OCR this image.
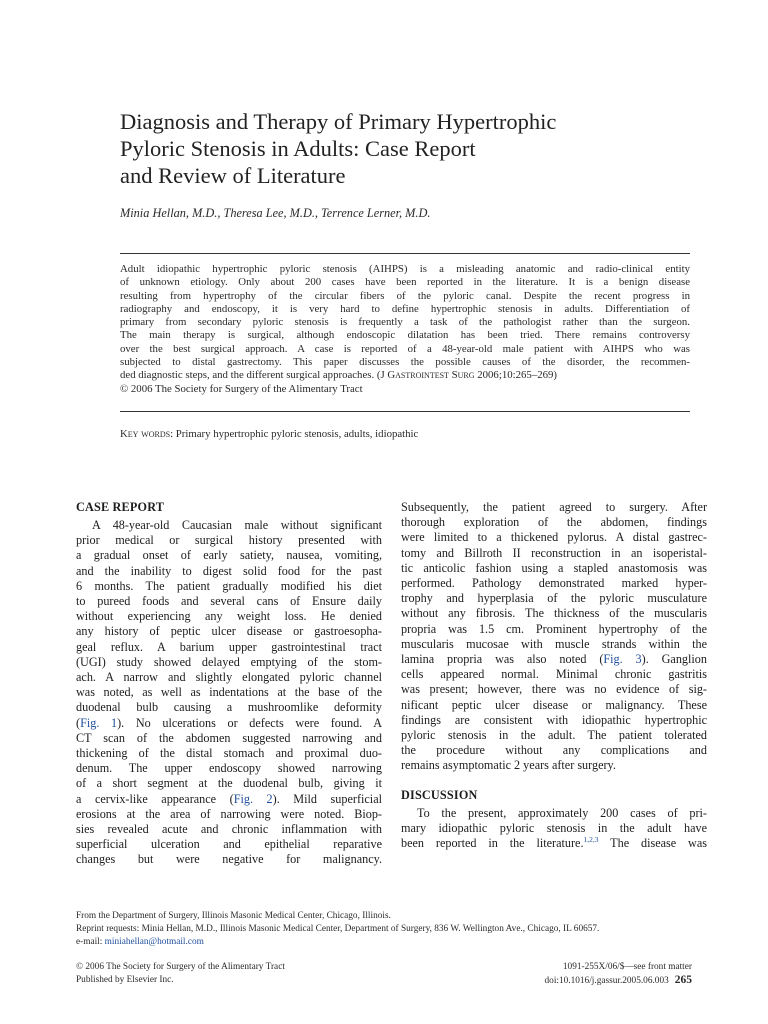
Diagnosis and Therapy of Primary Hypertrophic
Pyloric Stenosis in Adults: Case Report
and Review of Literature
Minia Hellan, M.D., Theresa Lee, M.D., Terrence Lerner, M.D.
Adult idiopathic hypertrophic pyloric stenosis (AIHPS) is a misleading anatomic and radio-clinical entity
of unknown etiology. Only about 200 cases have been reported in the literature. It is a benign disease
resulting from hypertrophy of the circular fibers of the pyloric canal. Despite the recent progress in
radiography and endoscopy, it is very hard to define hypertrophic stenosis in adults. Differentiation of
primary from secondary pyloric stenosis is frequently a task of the pathologist rather than the surgeon.
The main therapy is surgical, although endoscopic dilatation has been tried. There remains controversy
over the best surgical approach. A case is reported of a 48-year-old male patient with AIHPS who was
subjected to distal gastrectomy. This paper discusses the possible causes of the disorder, the recommen-
ded diagnostic steps, and the different surgical approaches. (J Gastrointest Surg 2006;10:265–269)
© 2006 The Society for Surgery of the Alimentary Tract
Key words: Primary hypertrophic pyloric stenosis, adults, idiopathic
CASE REPORT
A 48-year-old Caucasian male without significant
prior medical or surgical history presented with
a gradual onset of early satiety, nausea, vomiting,
and the inability to digest solid food for the past
6 months. The patient gradually modified his diet
to pureed foods and several cans of Ensure daily
without experiencing any weight loss. He denied
any history of peptic ulcer disease or gastroesopha-
geal reflux. A barium upper gastrointestinal tract
(UGI) study showed delayed emptying of the stom-
ach. A narrow and slightly elongated pyloric channel
was noted, as well as indentations at the base of the
duodenal bulb causing a mushroomlike deformity
(Fig. 1). No ulcerations or defects were found. A
CT scan of the abdomen suggested narrowing and
thickening of the distal stomach and proximal duo-
denum. The upper endoscopy showed narrowing
of a short segment at the duodenal bulb, giving it
a cervix-like appearance (Fig. 2). Mild superficial
erosions at the area of narrowing were noted. Biop-
sies revealed acute and chronic inflammation with
superficial ulceration and epithelial reparative
changes but were negative for malignancy.
Subsequently, the patient agreed to surgery. After
thorough exploration of the abdomen, findings
were limited to a thickened pylorus. A distal gastrec-
tomy and Billroth II reconstruction in an isoperistal-
tic anticolic fashion using a stapled anastomosis was
performed. Pathology demonstrated marked hyper-
trophy and hyperplasia of the pyloric musculature
without any fibrosis. The thickness of the muscularis
propria was 1.5 cm. Prominent hypertrophy of the
muscularis mucosae with muscle strands within the
lamina propria was also noted (Fig. 3). Ganglion
cells appeared normal. Minimal chronic gastritis
was present; however, there was no evidence of sig-
nificant peptic ulcer disease or malignancy. These
findings are consistent with idiopathic hypertrophic
pyloric stenosis in the adult. The patient tolerated
the procedure without any complications and
remains asymptomatic 2 years after surgery.
DISCUSSION
To the present, approximately 200 cases of pri-
mary idiopathic pyloric stenosis in the adult have
been reported in the literature.$^{1,2,3}$ The disease was
From the Department of Surgery, Illinois Masonic Medical Center, Chicago, Illinois.
Reprint requests: Minia Hellan, M.D., Illinois Masonic Medical Center, Department of Surgery, 836 W. Wellington Ave., Chicago, IL 60657.
e-mail: miniahellan@hotmail.com
© 2006 The Society for Surgery of the Alimentary Tract
Published by Elsevier Inc.
1091-255X/06/$—see front matter
doi:10.1016/j.gassur.2005.06.003 265
